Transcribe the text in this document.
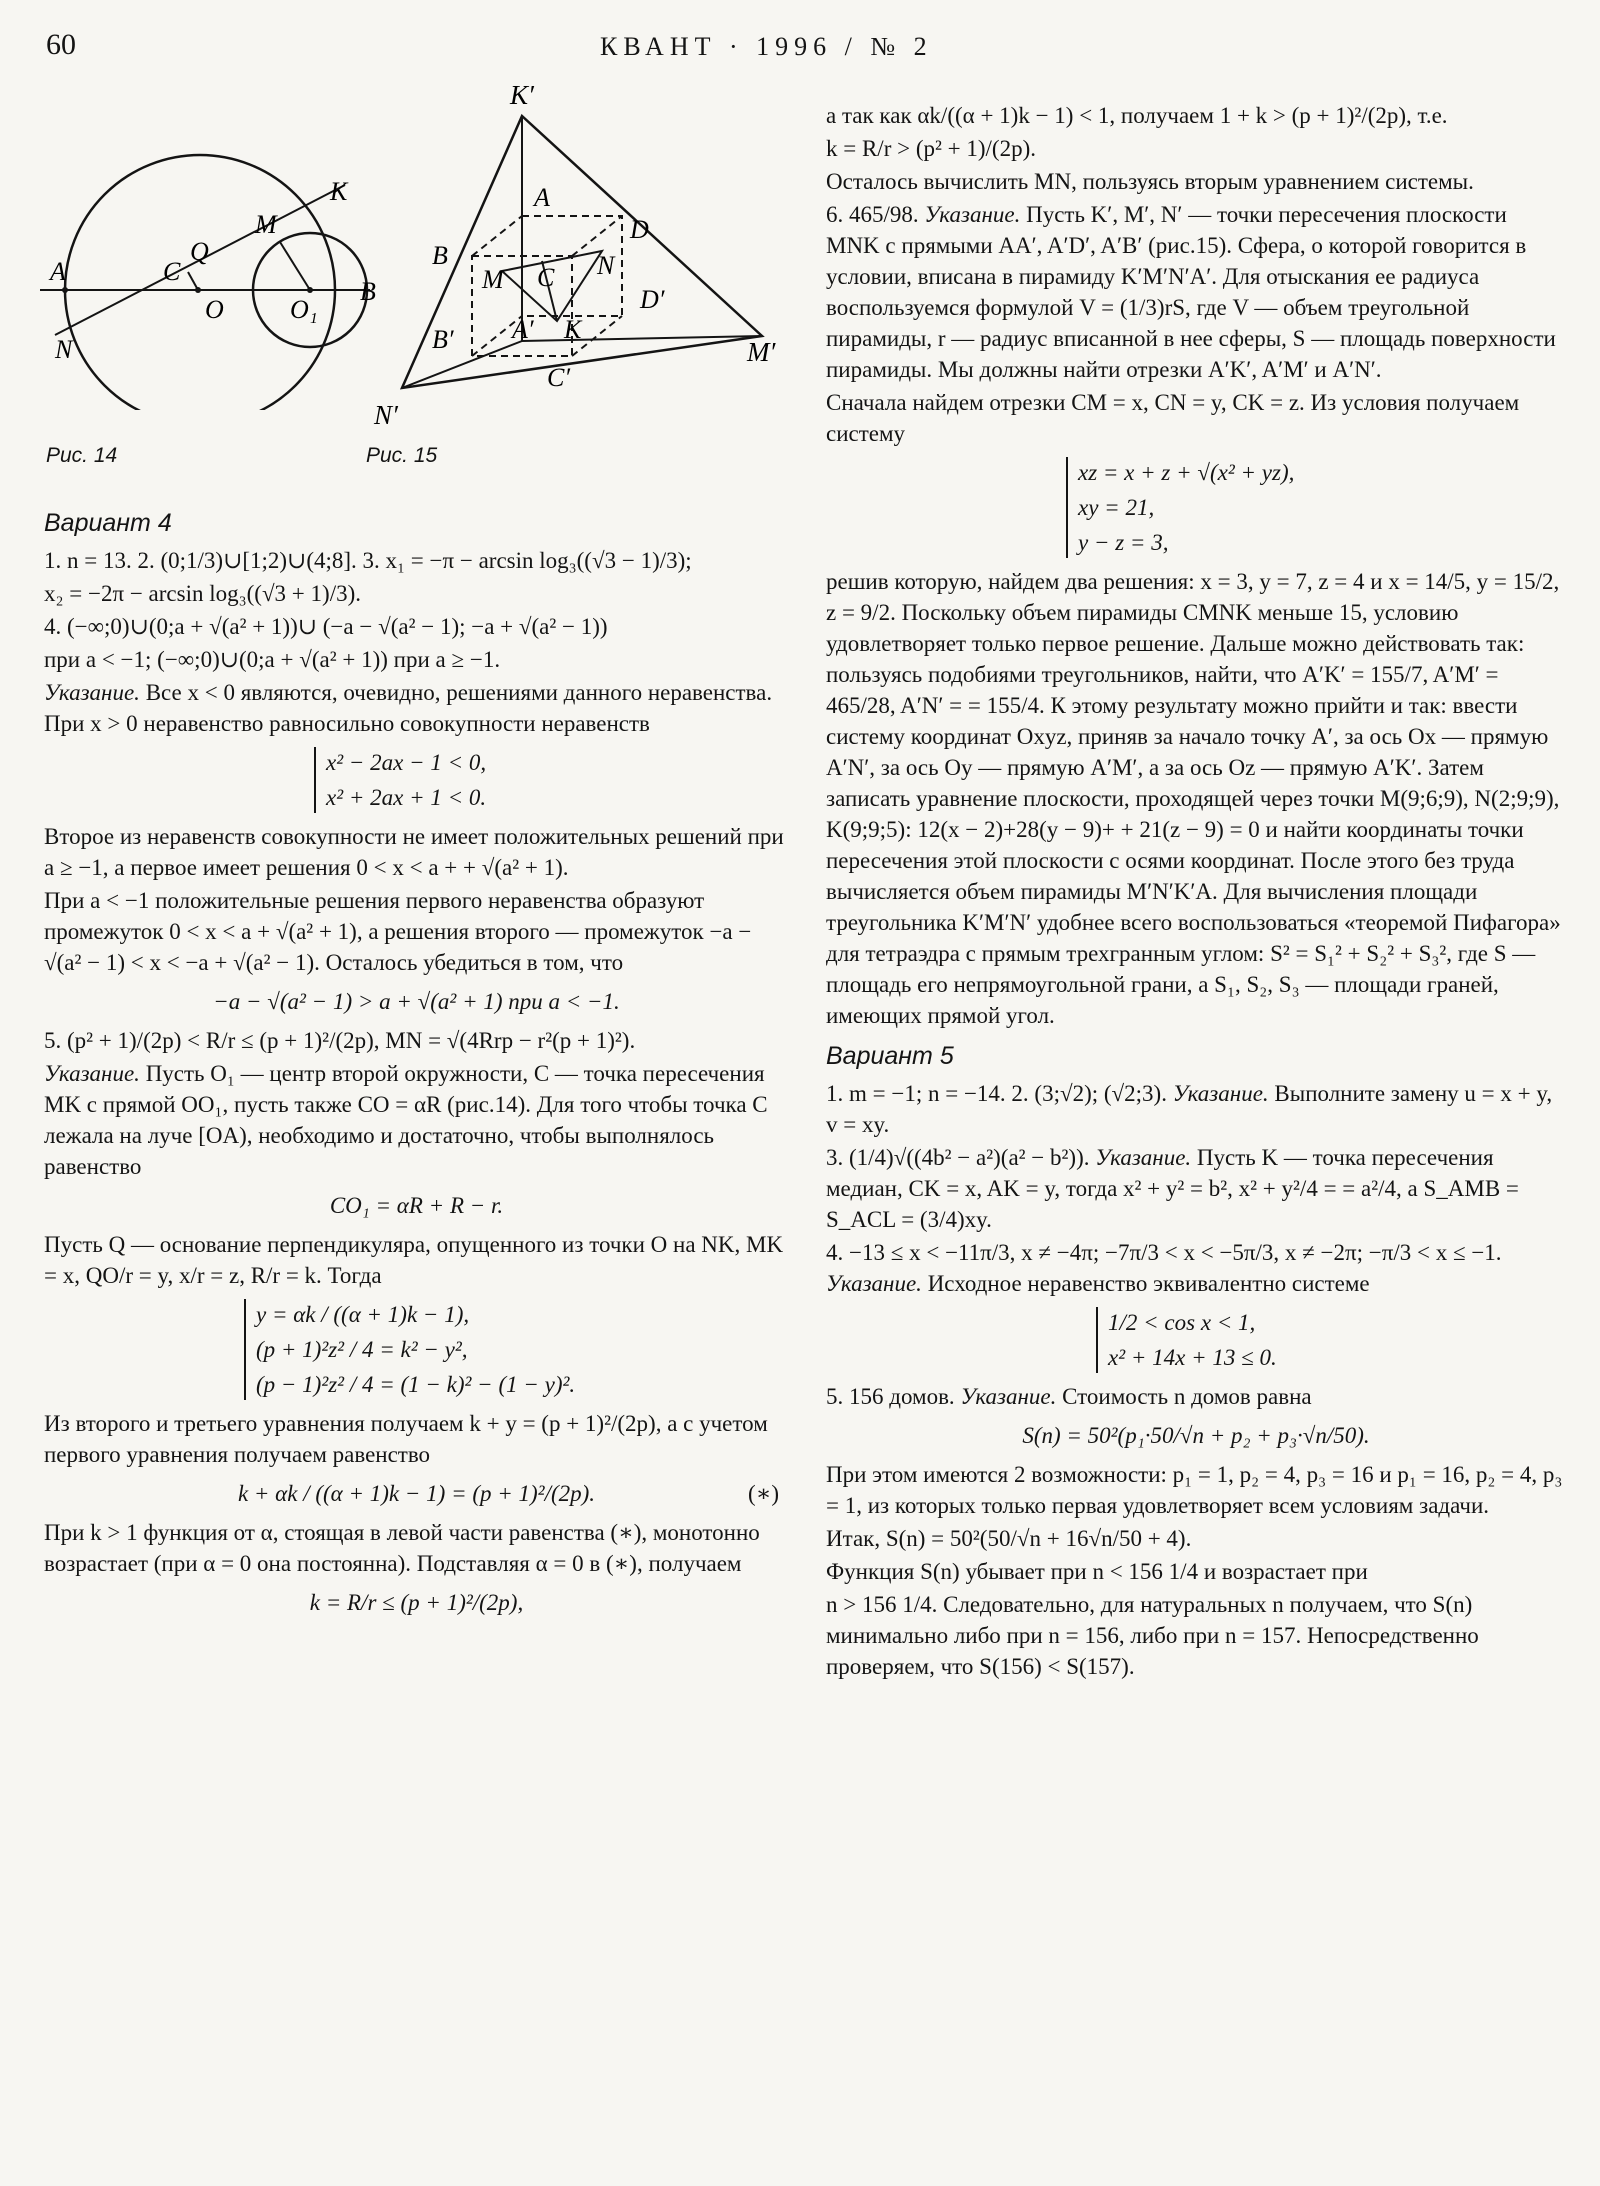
60	КВАНТ · 1996 / № 2
A
B
C
Q
O	O₁
M
K
N
Рис. 14
K′
A
B
C
D
N
M
K
A′
B′
C′
D′
M′
N′
Рис. 15
Вариант 4

1. n = 13. 2. (0;1/3)∪[1;2)∪(4;8]. 3. x₁ = −π − arcsin log₃((√3 − 1)/3);

x₂ = −2π − arcsin log₃((√3 + 1)/3).

4. (−∞;0)∪(0;a + √(a² + 1))∪ (−a − √(a² − 1); −a + √(a² − 1))

при a < −1; (−∞;0)∪(0;a + √(a² + 1)) при a ≥ −1.

Указание. Все x < 0 являются, очевидно, решениями данного неравенства. При x > 0 неравенство равносильно совокупности неравенств

x² − 2ax − 1 < 0,
x² + 2ax + 1 < 0.

Второе из неравенств совокупности не имеет положительных решений при a ≥ −1, а первое имеет решения 0 < x < a + + √(a² + 1).

При a < −1 положительные решения первого неравенства образуют промежуток 0 < x < a + √(a² + 1), а решения второго — промежуток −a − √(a² − 1) < x < −a + √(a² − 1). Осталось убедиться в том, что

−a − √(a² − 1) > a + √(a² + 1) при a < −1.

5. (p² + 1)/(2p) < R/r ≤ (p + 1)²/(2p), MN = √(4Rrp − r²(p + 1)²).

Указание. Пусть O₁ — центр второй окружности, C — точка пересечения MK с прямой OO₁, пусть также CO = αR (рис.14). Для того чтобы точка C лежала на луче [OA), необходимо и достаточно, чтобы выполнялось равенство

CO₁ = αR + R − r.

Пусть Q — основание перпендикуляра, опущенного из точки O на NK, MK = x, QO/r = y, x/r = z, R/r = k. Тогда

y = αk / ((α + 1)k − 1),
(p + 1)²z² / 4 = k² − y²,
(p − 1)²z² / 4 = (1 − k)² − (1 − y)².

Из второго и третьего уравнения получаем k + y = (p + 1)²/(2p), а с учетом первого уравнения получаем равенство

k + αk / ((α + 1)k − 1) = (p + 1)²/(2p).	(∗)

При k > 1 функция от α, стоящая в левой части равенства (∗), монотонно возрастает (при α = 0 она постоянна). Подставляя α = 0 в (∗), получаем

k = R/r ≤ (p + 1)²/(2p),

а так как αk/((α + 1)k − 1) < 1, получаем 1 + k > (p + 1)²/(2p), т.е.

k = R/r > (p² + 1)/(2p).

Осталось вычислить MN, пользуясь вторым уравнением системы.

6. 465/98. Указание. Пусть K′, M′, N′ — точки пересечения плоскости MNK с прямыми AA′, A′D′, A′B′ (рис.15). Сфера, о которой говорится в условии, вписана в пирамиду K′M′N′A′. Для отыскания ее радиуса воспользуемся формулой V = (1/3)rS, где V — объем треугольной пирамиды, r — радиус вписанной в нее сферы, S — площадь поверхности пирамиды. Мы должны найти отрезки A′K′, A′M′ и A′N′.

Сначала найдем отрезки CM = x, CN = y, CK = z. Из условия получаем систему

xz = x + z + √(x² + yz),
xy = 21,
y − z = 3,

решив которую, найдем два решения: x = 3, y = 7, z = 4 и x = 14/5, y = 15/2, z = 9/2. Поскольку объем пирамиды CMNK меньше 15, условию удовлетворяет только первое решение. Дальше можно действовать так: пользуясь подобиями треугольников, найти, что A′K′ = 155/7, A′M′ = 465/28, A′N′ = = 155/4. К этому результату можно прийти и так: ввести систему координат Oxyz, приняв за начало точку A′, за ось Ox — прямую A′N′, за ось Oy — прямую A′M′, а за ось Oz — прямую A′K′. Затем записать уравнение плоскости, проходящей через точки M(9;6;9), N(2;9;9), K(9;9;5): 12(x − 2)+28(y − 9)+ + 21(z − 9) = 0 и найти координаты точки пересечения этой плоскости с осями координат. После этого без труда вычисляется объем пирамиды M′N′K′A. Для вычисления площади треугольника K′M′N′ удобнее всего воспользоваться «теоремой Пифагора» для тетраэдра с прямым трехгранным углом: S² = S₁² + S₂² + S₃², где S — площадь его непрямоугольной грани, а S₁, S₂, S₃ — площади граней, имеющих прямой угол.

Вариант 5

1. m = −1; n = −14. 2. (3;√2); (√2;3). Указание. Выполните замену u = x + y, v = xy.

3. (1/4)√((4b² − a²)(a² − b²)). Указание. Пусть K — точка пересечения медиан, CK = x, AK = y, тогда x² + y² = b², x² + y²/4 = = a²/4, а S_AMB = S_ACL = (3/4)xy.

4. −13 ≤ x < −11π/3, x ≠ −4π; −7π/3 < x < −5π/3, x ≠ −2π; −π/3 < x ≤ −1. Указание. Исходное неравенство эквивалентно системе

1/2 < cos x < 1,
x² + 14x + 13 ≤ 0.

5. 156 домов. Указание. Стоимость n домов равна

S(n) = 50²(p₁·50/√n + p₂ + p₃·√n/50).

При этом имеются 2 возможности: p₁ = 1, p₂ = 4, p₃ = 16 и p₁ = 16, p₂ = 4, p₃ = 1, из которых только первая удовлетворяет всем условиям задачи.

Итак, S(n) = 50²(50/√n + 16√n/50 + 4).

Функция S(n) убывает при n < 156 1/4 и возрастает при

n > 156 1/4. Следовательно, для натуральных n получаем, что S(n) минимально либо при n = 156, либо при n = 157. Непосредственно проверяем, что S(156) < S(157).
